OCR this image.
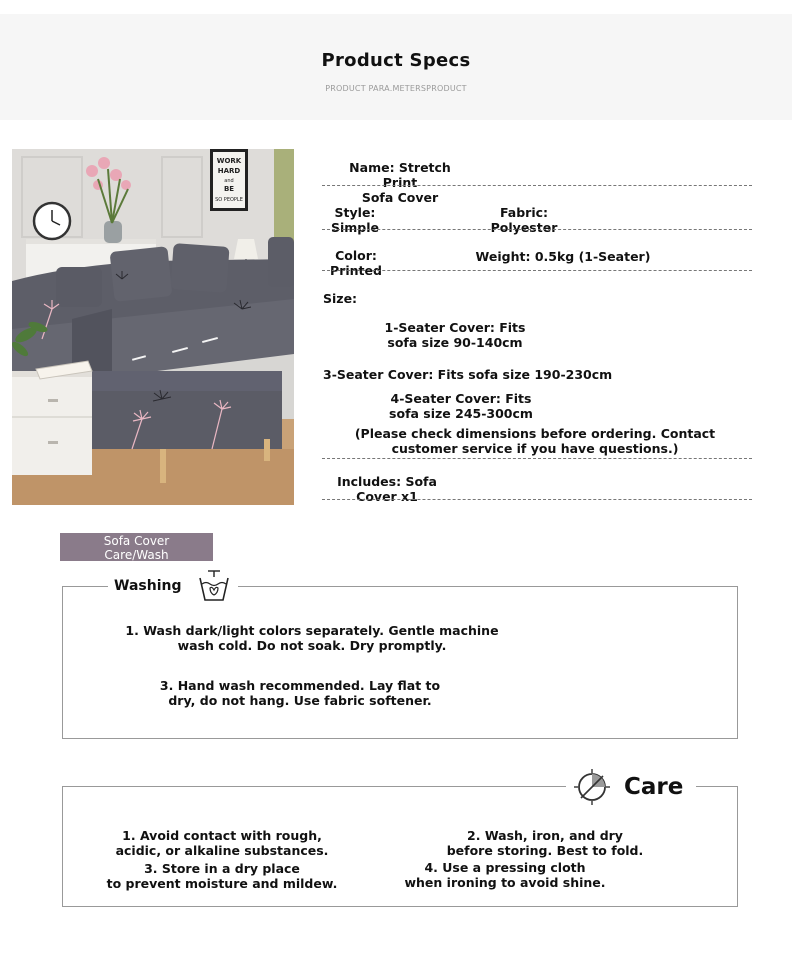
Product Specs
PRODUCT PARA.METERSPRODUCT
WORK
HARD
and
BE
SO PEOPLE
Name: Stretch Print
Sofa Cover
Style:
Simple
Fabric:
Polyester
Color:
Printed
Weight: 0.5kg (1-Seater)
Size:
1-Seater Cover: Fits
sofa size 90-140cm
3-Seater Cover: Fits sofa size 190-230cm
4-Seater Cover: Fits
sofa size 245-300cm
(Please check dimensions before ordering. Contact
customer service if you have questions.)
Includes: Sofa
Cover x1
Sofa Cover
Care/Wash
Washing
1. Wash dark/light colors separately. Gentle machine
wash cold. Do not soak. Dry promptly.
3. Hand wash recommended. Lay flat to
dry, do not hang. Use fabric softener.
Care
1. Avoid contact with rough,
acidic, or alkaline substances.
2. Wash, iron, and dry
before storing. Best to fold.
3. Store in a dry place
to prevent moisture and mildew.
4. Use a pressing cloth
when ironing to avoid shine.
